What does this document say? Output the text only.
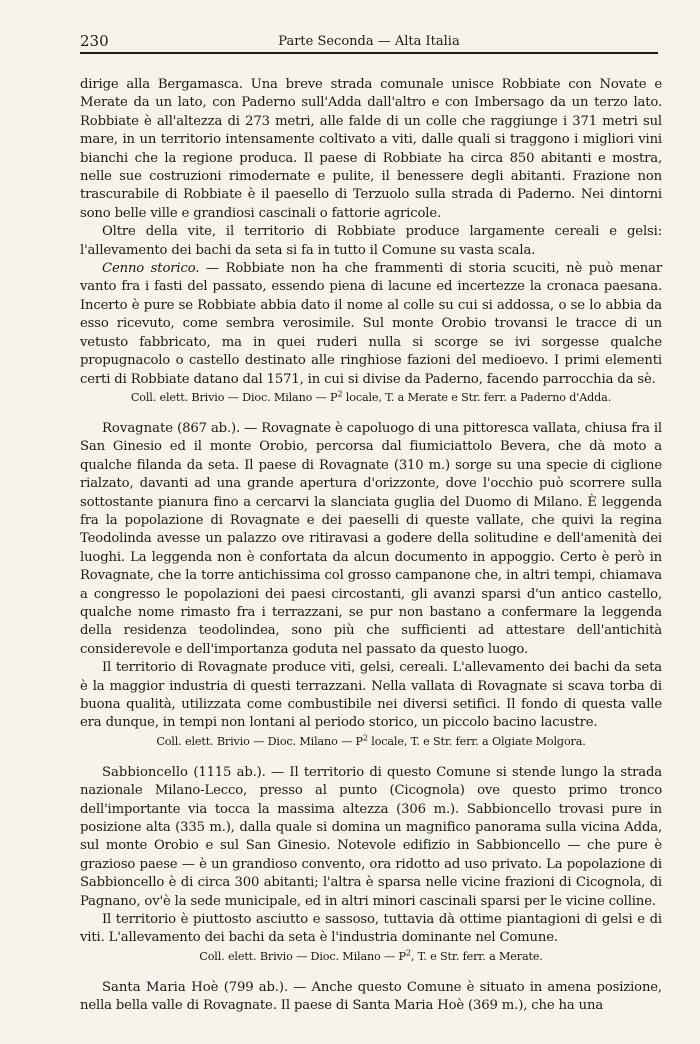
230	Parte Seconda — Alta Italia

dirige alla Bergamasca. Una breve strada comunale unisce Robbiate con Novate e Merate da un lato, con Paderno sull'Adda dall'altro e con Imbersago da un terzo lato. Robbiate è all'altezza di 273 metri, alle falde di un colle che raggiunge i 371 metri sul mare, in un territorio intensamente coltivato a viti, dalle quali si traggono i migliori vini bianchi che la regione produca. Il paese di Robbiate ha circa 850 abitanti e mostra, nelle sue costruzioni rimodernate e pulite, il benessere degli abitanti. Frazione non trascurabile di Robbiate è il paesello di Terzuolo sulla strada di Paderno. Nei dintorni sono belle ville e grandiosi cascinali o fattorie agricole.

Oltre della vite, il territorio di Robbiate produce largamente cereali e gelsi: l'allevamento dei bachi da seta si fa in tutto il Comune su vasta scala.

Cenno storico. — Robbiate non ha che frammenti di storia scuciti, nè può menar vanto fra i fasti del passato, essendo piena di lacune ed incertezze la cronaca paesana. Incerto è pure se Robbiate abbia dato il nome al colle su cui si addossa, o se lo abbia da esso ricevuto, come sembra verosimile. Sul monte Orobio trovansi le tracce di un vetusto fabbricato, ma in quei ruderi nulla si scorge se ivi sorgesse qualche propugnacolo o castello destinato alle ringhiose fazioni del medioevo. I primi elementi certi di Robbiate datano dal 1571, in cui si divise da Paderno, facendo parrocchia da sè.

Coll. elett. Brivio — Dioc. Milano — $P^2$ locale, T. a Merate e Str. ferr. a Paderno d'Adda.

Rovagnate (867 ab.). — Rovagnate è capoluogo di una pittoresca vallata, chiusa fra il San Ginesio ed il monte Orobio, percorsa dal fiumiciattolo Bevera, che dà moto a qualche filanda da seta. Il paese di Rovagnate (310 m.) sorge su una specie di ciglione rialzato, davanti ad una grande apertura d'orizzonte, dove l'occhio può scorrere sulla sottostante pianura fino a cercarvi la slanciata guglia del Duomo di Milano. È leggenda fra la popolazione di Rovagnate e dei paeselli di queste vallate, che quivi la regina Teodolinda avesse un palazzo ove ritiravasi a godere della solitudine e dell'amenità dei luoghi. La leggenda non è confortata da alcun documento in appoggio. Certo è però in Rovagnate, che la torre antichissima col grosso campanone che, in altri tempi, chiamava a congresso le popolazioni dei paesi circostanti, gli avanzi sparsi d'un antico castello, qualche nome rimasto fra i terrazzani, se pur non bastano a confermare la leggenda della residenza teodolindea, sono più che sufficienti ad attestare dell'antichità considerevole e dell'importanza goduta nel passato da questo luogo.

Il territorio di Rovagnate produce viti, gelsi, cereali. L'allevamento dei bachi da seta è la maggior industria di questi terrazzani. Nella vallata di Rovagnate si scava torba di buona qualità, utilizzata come combustibile nei diversi setifici. Il fondo di questa valle era dunque, in tempi non lontani al periodo storico, un piccolo bacino lacustre.

Coll. elett. Brivio — Dioc. Milano — $P^2$ locale, T. e Str. ferr. a Olgiate Molgora.

Sabbioncello (1115 ab.). — Il territorio di questo Comune si stende lungo la strada nazionale Milano-Lecco, presso al punto (Cicognola) ove questo primo tronco dell'importante via tocca la massima altezza (306 m.). Sabbioncello trovasi pure in posizione alta (335 m.), dalla quale si domina un magnifico panorama sulla vicina Adda, sul monte Orobio e sul San Ginesio. Notevole edifizio in Sabbioncello — che pure è grazioso paese — è un grandioso convento, ora ridotto ad uso privato. La popolazione di Sabbioncello è di circa 300 abitanti; l'altra è sparsa nelle vicine frazioni di Cicognola, di Pagnano, ov'è la sede municipale, ed in altri minori cascinali sparsi per le vicine colline.

Il territorio è piuttosto asciutto e sassoso, tuttavia dà ottime piantagioni di gelsi e di viti. L'allevamento dei bachi da seta è l'industria dominante nel Comune.

Coll. elett. Brivio — Dioc. Milano — $P^2$, T. e Str. ferr. a Merate.

Santa Maria Hoè (799 ab.). — Anche questo Comune è situato in amena posizione, nella bella valle di Rovagnate. Il paese di Santa Maria Hoè (369 m.), che ha una
